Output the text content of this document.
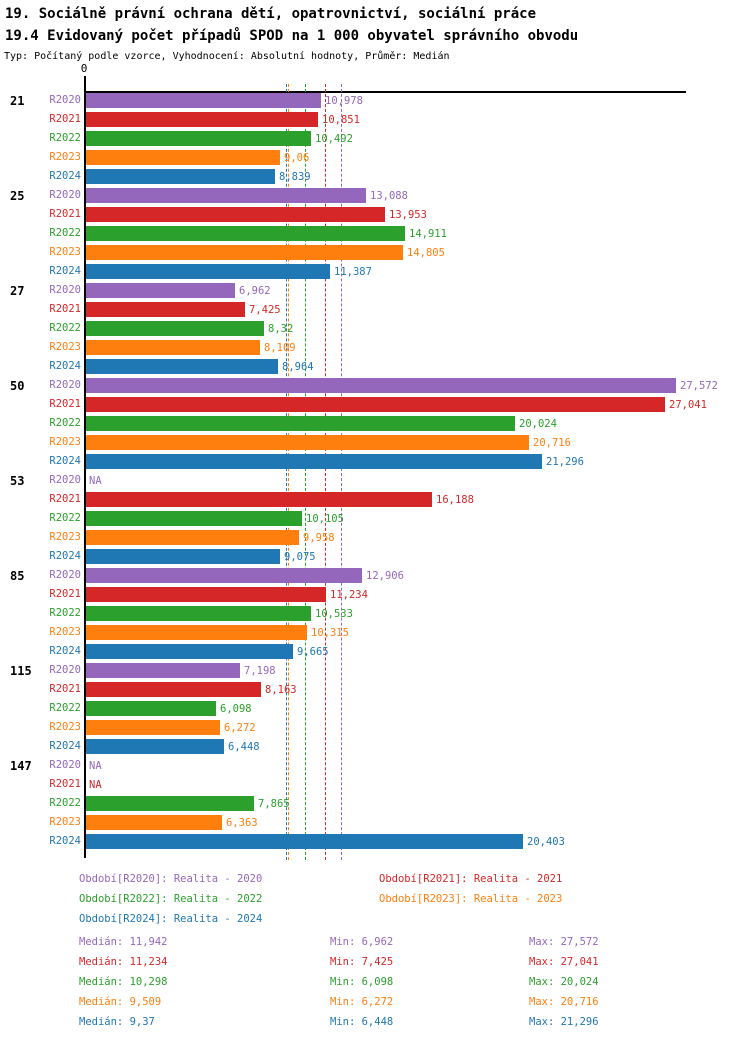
19. Sociálně právní ochrana dětí, opatrovnictví, sociální práce
19.4 Evidovaný počet případů SPOD na 1 000 obyvatel správního obvodu
Typ: Počítaný podle vzorce, Vyhodnocení: Absolutní hodnoty, Průměr: Medián
0
21	R2020	10,978
R2021	10,851
R2022	10,492
R2023	9,06
R2024	8,839
25	R2020	13,088
R2021	13,953
R2022	14,911
R2023	14,805
R2024	11,387
27	R2020	6,962
R2021	7,425
R2022	8,32
R2023	8,109
R2024	8,964
50	R2020	27,572
R2021	27,041
R2022	20,024
R2023	20,716
R2024	21,296
53	R2020 NA
R2021	16,188
R2022	10,105
R2023	9,958
R2024	9,075
85	R2020	12,906
R2021	11,234
R2022	10,533
R2023	10,315
R2024	9,665
115	R2020	7,198
R2021	8,163
R2022	6,098
R2023	6,272
R2024	6,448
147	R2020 NA
R2021 NA
R2022	7,865
R2023	6,363
R2024	20,403
Období[R2020]: Realita - 2020	Období[R2021]: Realita - 2021
Období[R2022]: Realita - 2022	Období[R2023]: Realita - 2023
Období[R2024]: Realita - 2024
Medián: 11,942	Min: 6,962	Max: 27,572
Medián: 11,234	Min: 7,425	Max: 27,041
Medián: 10,298	Min: 6,098	Max: 20,024
Medián: 9,509	Min: 6,272	Max: 20,716
Medián: 9,37	Min: 6,448	Max: 21,296
